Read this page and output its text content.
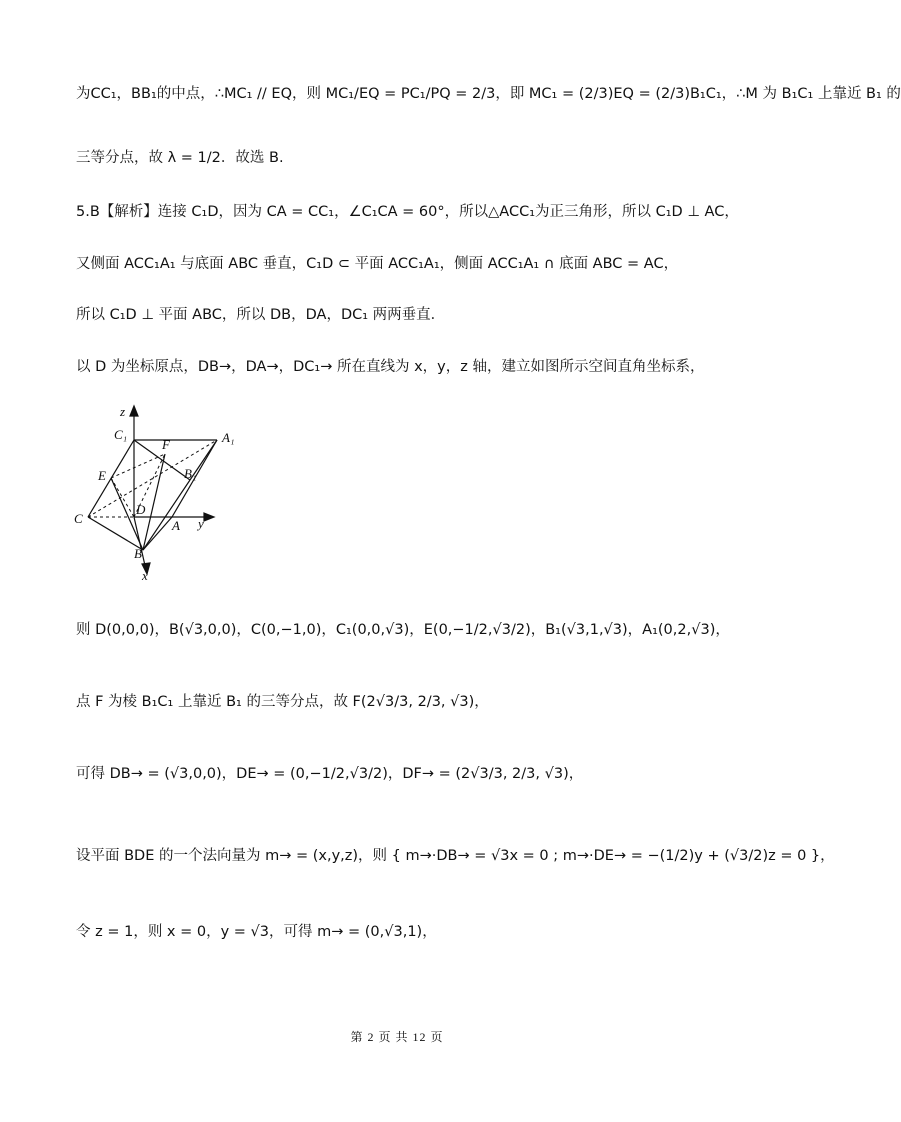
为CC₁，BB₁的中点，∴MC₁ // EQ，则 MC₁/EQ = PC₁/PQ = 2/3，即 MC₁ = (2/3)EQ = (2/3)B₁C₁，∴M 为 B₁C₁ 上靠近 B₁ 的
三等分点，故 λ = 1/2．故选 B.
5.B【解析】连接 C₁D，因为 CA = CC₁，∠C₁CA = 60°，所以△ACC₁为正三角形，所以 C₁D ⊥ AC，
又侧面 ACC₁A₁ 与底面 ABC 垂直，C₁D ⊂ 平面 ACC₁A₁，侧面 ACC₁A₁ ∩ 底面 ABC = AC，
所以 C₁D ⊥ 平面 ABC，所以 DB，DA，DC₁ 两两垂直．
以 D 为坐标原点，DB→，DA→，DC₁→ 所在直线为 x，y，z 轴，建立如图所示空间直角坐标系，
z
C₁	A₁
F
B₁
E
C
D
A y
B
x
则 D(0,0,0)，B(√3,0,0)，C(0,−1,0)，C₁(0,0,√3)，E(0,−1/2,√3/2)，B₁(√3,1,√3)，A₁(0,2,√3)，
点 F 为棱 B₁C₁ 上靠近 B₁ 的三等分点，故 F(2√3/3, 2/3, √3)，
可得 DB→ = (√3,0,0)，DE→ = (0,−1/2,√3/2)，DF→ = (2√3/3, 2/3, √3)，
设平面 BDE 的一个法向量为 m→ = (x,y,z)，则 { m→·DB→ = √3x = 0 ; m→·DE→ = −(1/2)y + (√3/2)z = 0 }，
令 z = 1，则 x = 0，y = √3，可得 m→ = (0,√3,1)，
第 2 页 共 12 页
